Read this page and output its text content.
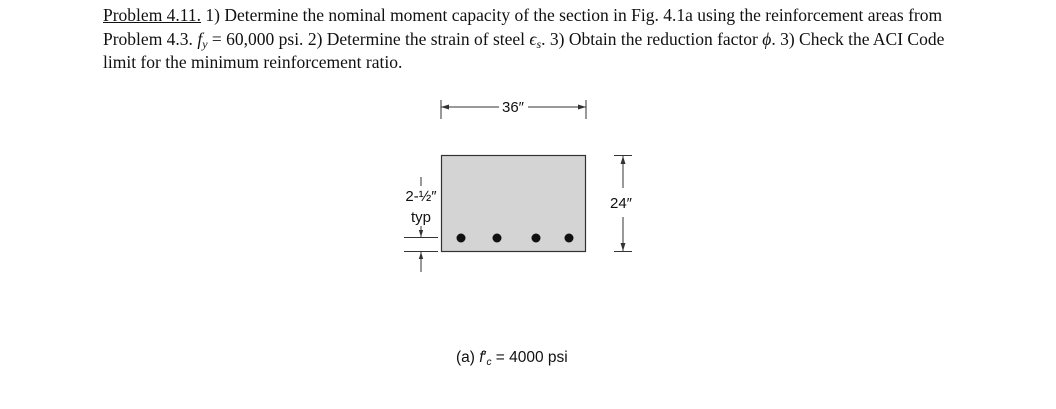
Problem 4.11. 1) Determine the nominal moment capacity of the section in Fig. 4.1a using the reinforcement areas from Problem 4.3. $f_y = 60,000$ psi. 2) Determine the strain of steel $\epsilon_s$. 3) Obtain the reduction factor ϕ. 3) Check the ACI Code limit for the minimum reinforcement ratio.

36″
24″
2-½″
typ
(a) $f'_c = 4000$ psi
